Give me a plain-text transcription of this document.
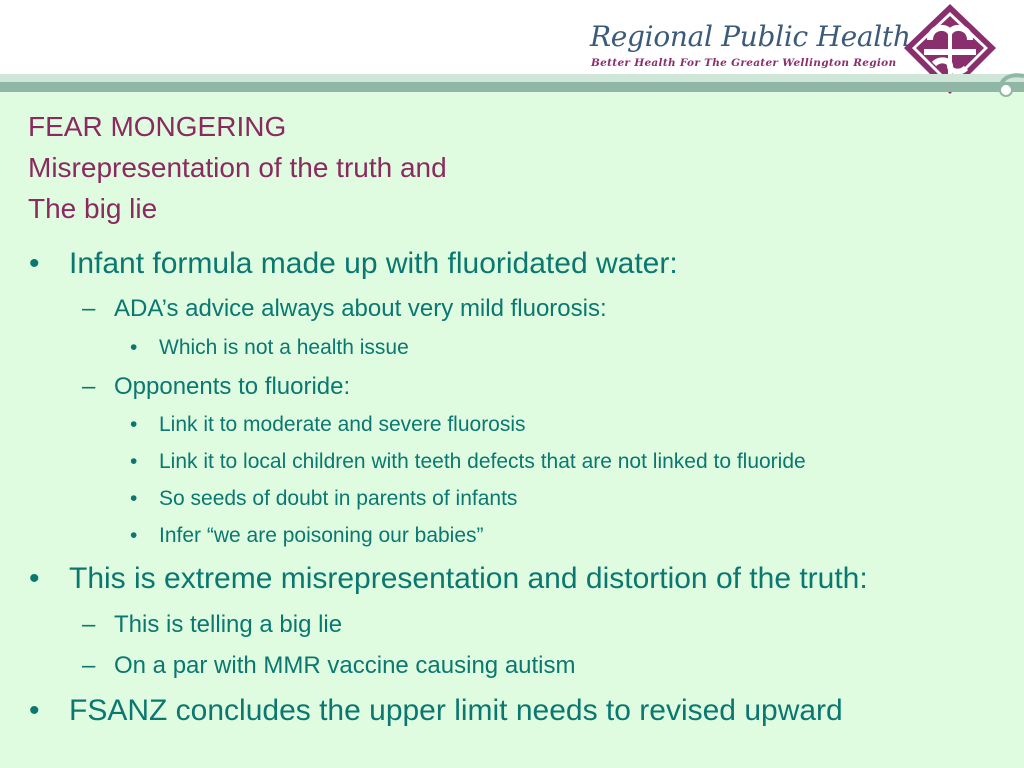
Regional Public Health
Better Health For The Greater Wellington Region
FEAR MONGERING
Misrepresentation of the truth and
The big lie
• Infant formula made up with fluoridated water:
– ADA’s advice always about very mild fluorosis:
• Which is not a health issue
– Opponents to fluoride:
• Link it to moderate and severe fluorosis
• Link it to local children with teeth defects that are not linked to fluoride
• So seeds of doubt in parents of infants
• Infer “we are poisoning our babies”
• This is extreme misrepresentation and distortion of the truth:
– This is telling a big lie
– On a par with MMR vaccine causing autism
• FSANZ concludes the upper limit needs to revised upward
